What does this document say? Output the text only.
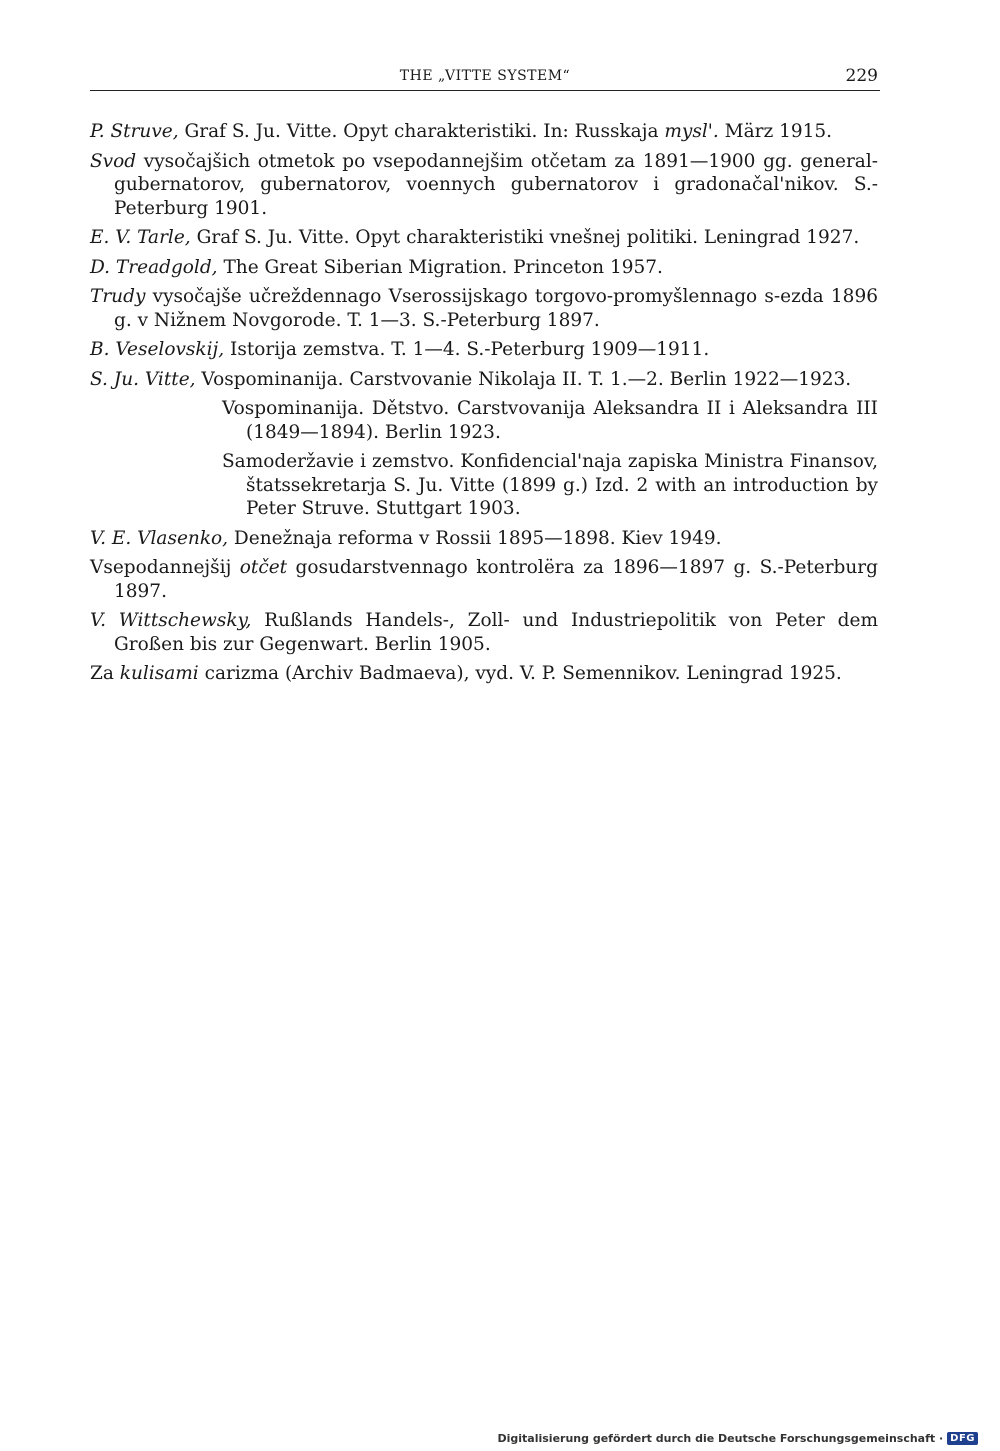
THE „VITTE SYSTEM“	229

P. Struve, Graf S. Ju. Vitte. Opyt charakteristiki. In: Russkaja mysl'. März 1915.

Svod vysočajšich otmetok po vsepodannejšim otčetam za 1891—1900 gg. general-gubernatorov, gubernatorov, voennych gubernatorov i gradonačal'nikov. S.-Peterburg 1901.

E. V. Tarle, Graf S. Ju. Vitte. Opyt charakteristiki vnešnej politiki. Leningrad 1927.

D. Treadgold, The Great Siberian Migration. Princeton 1957.

Trudy vysočajše učreždennago Vserossijskago torgovo-promyšlennago s-ezda 1896 g. v Nižnem Novgorode. T. 1—3. S.-Peterburg 1897.

B. Veselovskij, Istorija zemstva. T. 1—4. S.-Peterburg 1909—1911.

S. Ju. Vitte, Vospominanija. Carstvovanie Nikolaja II. T. 1.—2. Berlin 1922—1923.

Vospominanija. Dětstvo. Carstvovanija Aleksandra II i Aleksandra III (1849—1894). Berlin 1923.

Samoderžavie i zemstvo. Konfidencial'naja zapiska Ministra Finansov, štatssekretarja S. Ju. Vitte (1899 g.) Izd. 2 with an introduction by Peter Struve. Stuttgart 1903.

V. E. Vlasenko, Denežnaja reforma v Rossii 1895—1898. Kiev 1949.

Vsepodannejšij otčet gosudarstvennago kontrolëra za 1896—1897 g. S.-Peterburg 1897.

V. Wittschewsky, Rußlands Handels-, Zoll- und Industriepolitik von Peter dem Großen bis zur Gegenwart. Berlin 1905.

Za kulisami carizma (Archiv Badmaeva), vyd. V. P. Semennikov. Leningrad 1925.

Digitalisierung gefördert durch die Deutsche Forschungsgemeinschaft · DFG
